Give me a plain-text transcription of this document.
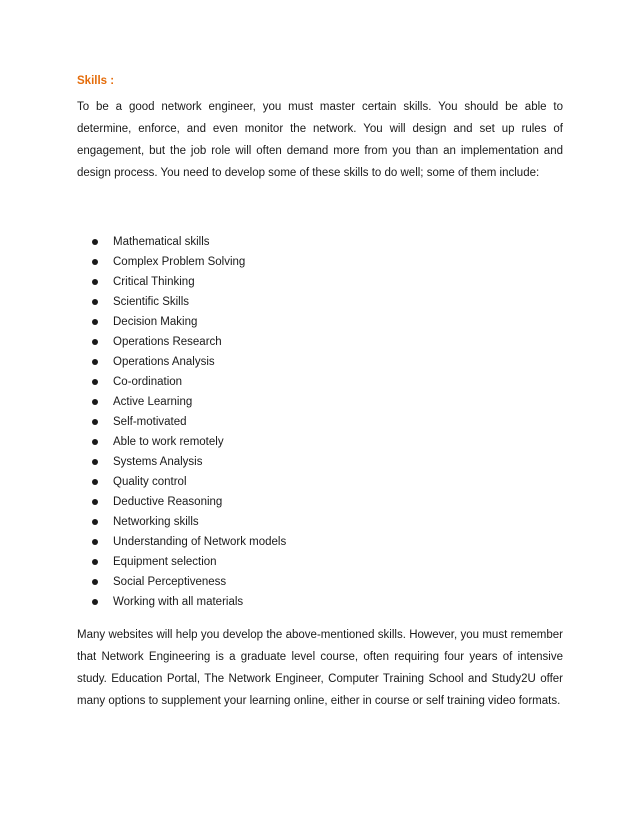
Skills :

To be a good network engineer, you must master certain skills. You should be able to determine, enforce, and even monitor the network. You will design and set up rules of engagement, but the job role will often demand more from you than an implementation and design process. You need to develop some of these skills to do well; some of them include:

Mathematical skills
Complex Problem Solving
Critical Thinking
Scientific Skills
Decision Making
Operations Research
Operations Analysis
Co-ordination
Active Learning
Self-motivated
Able to work remotely
Systems Analysis
Quality control
Deductive Reasoning
Networking skills
Understanding of Network models
Equipment selection
Social Perceptiveness
Working with all materials

Many websites will help you develop the above-mentioned skills. However, you must remember that Network Engineering is a graduate level course, often requiring four years of intensive study. Education Portal, The Network Engineer, Computer Training School and Study2U offer many options to supplement your learning online, either in course or self training video formats.
